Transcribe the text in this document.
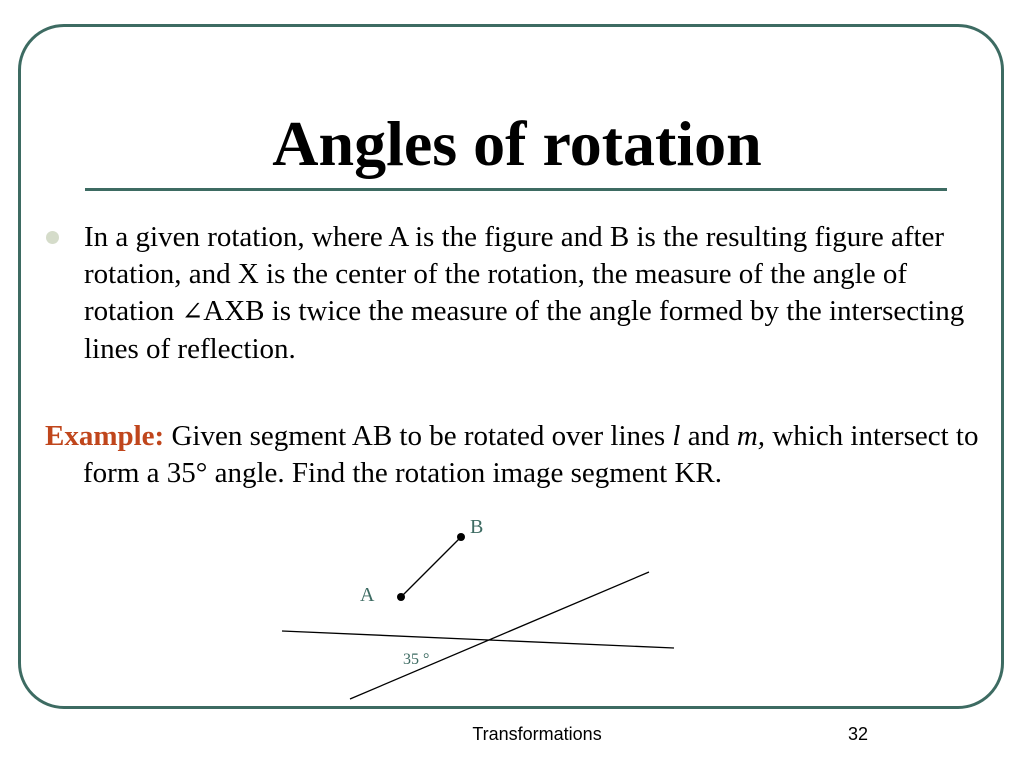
Angles of rotation
In a given rotation, where A is the figure and B is the resulting figure after rotation, and X is the center of the rotation, the measure of the angle of rotation ∠AXB is twice the measure of the angle formed by the intersecting lines of reflection.
Example: Given segment AB to be rotated over lines l and m, which intersect to form a 35° angle. Find the rotation image segment KR.
B
A
35 °
Transformations	32
